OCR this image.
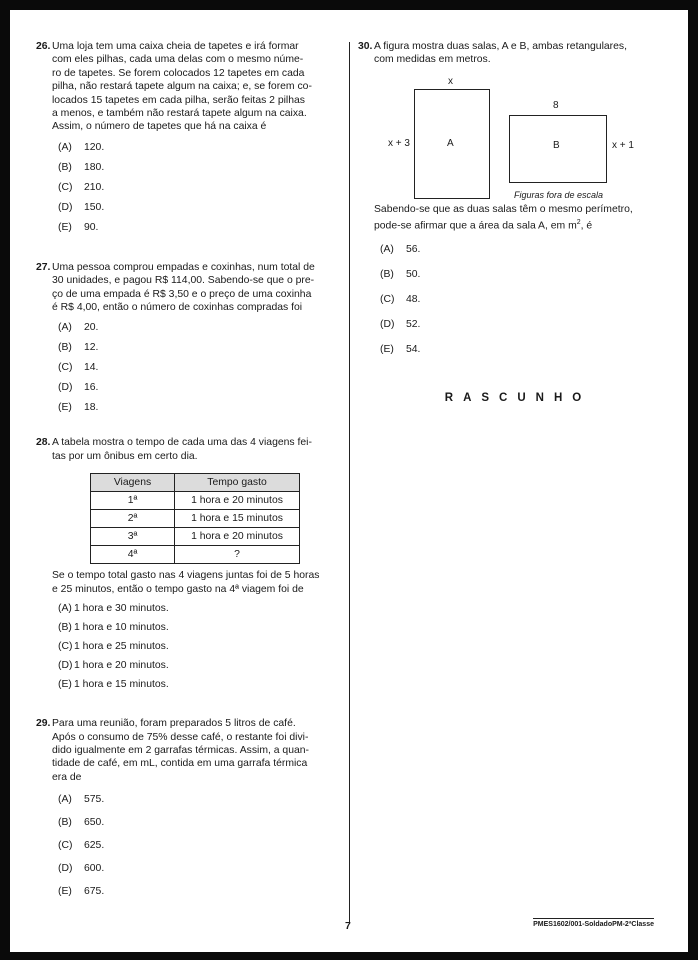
26. Uma loja tem uma caixa cheia de tapetes e irá formar
com eles pilhas, cada uma delas com o mesmo núme-
ro de tapetes. Se forem colocados 12 tapetes em cada
pilha, não restará tapete algum na caixa; e, se forem co-
locados 15 tapetes em cada pilha, serão feitas 2 pilhas
a menos, e também não restará tapete algum na caixa.
Assim, o número de tapetes que há na caixa é
(A) 120.
(B) 180.
(C) 210.
(D) 150.
(E) 90.
27. Uma pessoa comprou empadas e coxinhas, num total de
30 unidades, e pagou R$ 114,00. Sabendo-se que o pre-
ço de uma empada é R$ 3,50 e o preço de uma coxinha
é R$ 4,00, então o número de coxinhas compradas foi
(A) 20.
(B) 12.
(C) 14.
(D) 16.
(E) 18.
28. A tabela mostra o tempo de cada uma das 4 viagens fei-
tas por um ônibus em certo dia.
Viagens	Tempo gasto
1ª	1 hora e 20 minutos
2ª	1 hora e 15 minutos
3ª	1 hora e 20 minutos
4ª	?
Se o tempo total gasto nas 4 viagens juntas foi de 5 horas
e 25 minutos, então o tempo gasto na 4ª viagem foi de
(A) 1 hora e 30 minutos.
(B) 1 hora e 10 minutos.
(C) 1 hora e 25 minutos.
(D) 1 hora e 20 minutos.
(E) 1 hora e 15 minutos.
29. Para uma reunião, foram preparados 5 litros de café.
Após o consumo de 75% desse café, o restante foi divi-
dido igualmente em 2 garrafas térmicas. Assim, a quan-
tidade de café, em mL, contida em uma garrafa térmica
era de
(A) 575.
(B) 650.
(C) 625.
(D) 600.
(E) 675.
30. A figura mostra duas salas, A e B, ambas retangulares,
com medidas em metros.
x
A
x + 3
8
B	x + 1
Figuras fora de escala
Sabendo-se que as duas salas têm o mesmo perímetro,
pode-se afirmar que a área da sala A, em $m^2$, é
(A) 56.
(B) 50.
(C) 48.
(D) 52.
(E) 54.
RASCUNHO
7	PMES1602/001-SoldadoPM-2ªClasse
